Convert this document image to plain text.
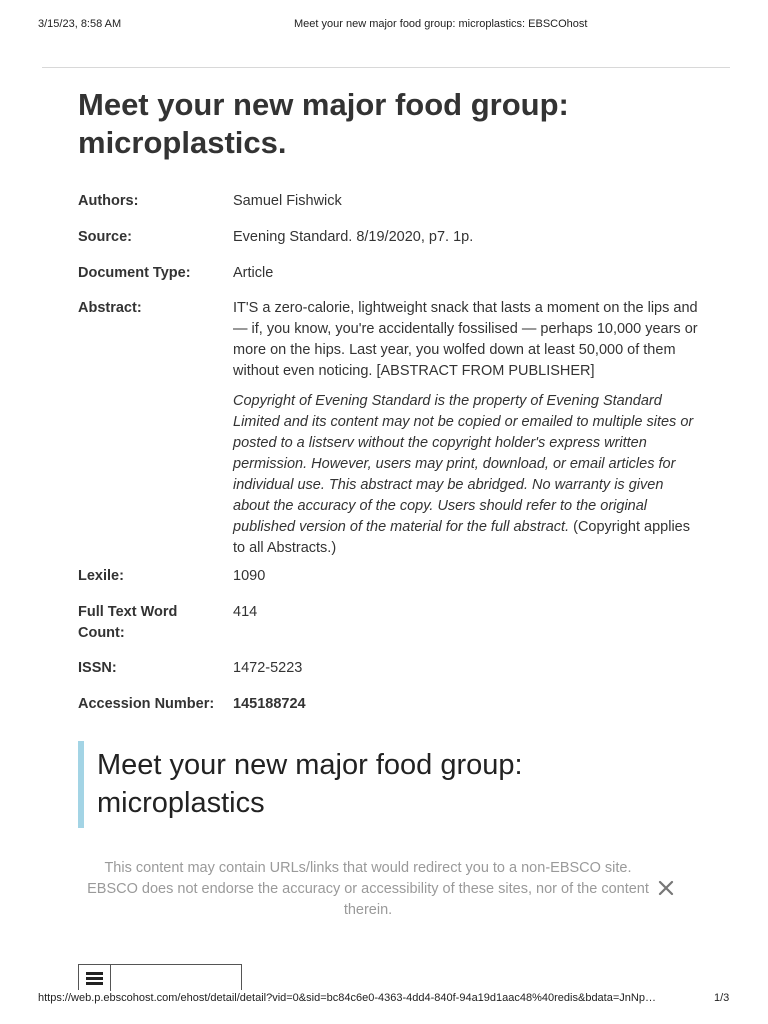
3/15/23, 8:58 AM	Meet your new major food group: microplastics: EBSCOhost
Meet your new major food group: microplastics.
Authors:	Samuel Fishwick
Source:	Evening Standard. 8/19/2020, p7. 1p.
Document Type:	Article
Abstract:	IT'S a zero-calorie, lightweight snack that lasts a moment on the lips and — if, you know, you're accidentally fossilised — perhaps 10,000 years or more on the hips. Last year, you wolfed down at least 50,000 of them without even noticing. [ABSTRACT FROM PUBLISHER]
Copyright of Evening Standard is the property of Evening Standard Limited and its content may not be copied or emailed to multiple sites or posted to a listserv without the copyright holder's express written permission. However, users may print, download, or email articles for individual use. This abstract may be abridged. No warranty is given about the accuracy of the copy. Users should refer to the original published version of the material for the full abstract. (Copyright applies to all Abstracts.)
Lexile:	1090
Full Text Word Count:
414
ISSN:	1472-5223
Accession Number:	145188724
Meet your new major food group: microplastics
This content may contain URLs/links that would redirect you to a non-EBSCO site. EBSCO does not endorse the accuracy or accessibility of these sites, nor of the content therein.
https://web.p.ebscohost.com/ehost/detail/detail?vid=0&sid=bc84c6e0-4363-4dd4-840f-94a19d1aac48%40redis&bdata=JnNp…	1/3
